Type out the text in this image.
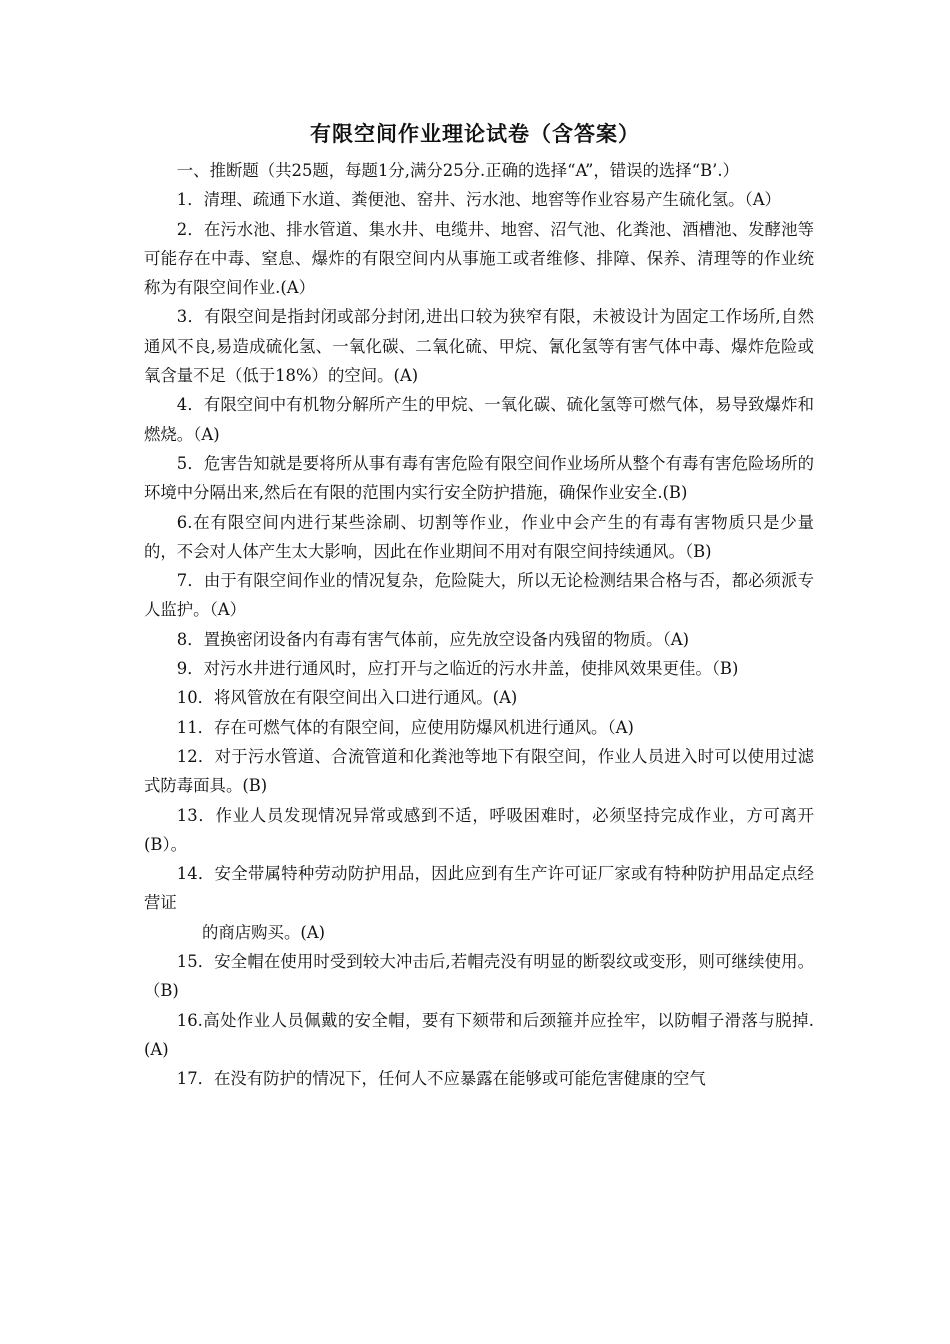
有限空间作业理论试卷（含答案）

一、推断题（共25题，每题1分,满分25分.正确的选择“A”，错误的选择“B’.）

1．清理、疏通下水道、粪便池、窑井、污水池、地窖等作业容易产生硫化氢。（A）

2．在污水池、排水管道、集水井、电缆井、地窖、沼气池、化粪池、酒槽池、发酵池等可能存在中毒、窒息、爆炸的有限空间内从事施工或者维修、排障、保养、清理等的作业统称为有限空间作业.(A）

3．有限空间是指封闭或部分封闭,进出口较为狭窄有限，未被设计为固定工作场所,自然通风不良,易造成硫化氢、一氧化碳、二氧化硫、甲烷、氰化氢等有害气体中毒、爆炸危险或氧含量不足（低于18%）的空间。(A)

4．有限空间中有机物分解所产生的甲烷、一氧化碳、硫化氢等可燃气体，易导致爆炸和燃烧。（A)

5．危害告知就是要将所从事有毒有害危险有限空间作业场所从整个有毒有害危险场所的环境中分隔出来,然后在有限的范围内实行安全防护措施，确保作业安全.(B)

6.在有限空间内进行某些涂刷、切割等作业，作业中会产生的有毒有害物质只是少量的，不会对人体产生太大影响，因此在作业期间不用对有限空间持续通风。（B)

7．由于有限空间作业的情况复杂，危险陡大，所以无论检测结果合格与否，都必须派专人监护。（A）

8．置换密闭设备内有毒有害气体前，应先放空设备内残留的物质。（A)

9．对污水井进行通风时，应打开与之临近的污水井盖，使排风效果更佳。（B)

10．将风管放在有限空间出入口进行通风。(A)

11．存在可燃气体的有限空间，应使用防爆风机进行通风。（A)

12．对于污水管道、合流管道和化粪池等地下有限空间，作业人员进入时可以使用过滤式防毒面具。(B)

13．作业人员发现情况异常或感到不适，呼吸困难时，必须坚持完成作业，方可离开(B）。

14．安全带属特种劳动防护用品，因此应到有生产许可证厂家或有特种防护用品定点经营证

的商店购买。(A)

15．安全帽在使用时受到较大冲击后,若帽壳没有明显的断裂纹或变形，则可继续使用。（B)

16.高处作业人员佩戴的安全帽，要有下颏带和后颈箍并应拴牢，以防帽子滑落与脱掉.(A)

17．在没有防护的情况下，任何人不应暴露在能够或可能危害健康的空气
